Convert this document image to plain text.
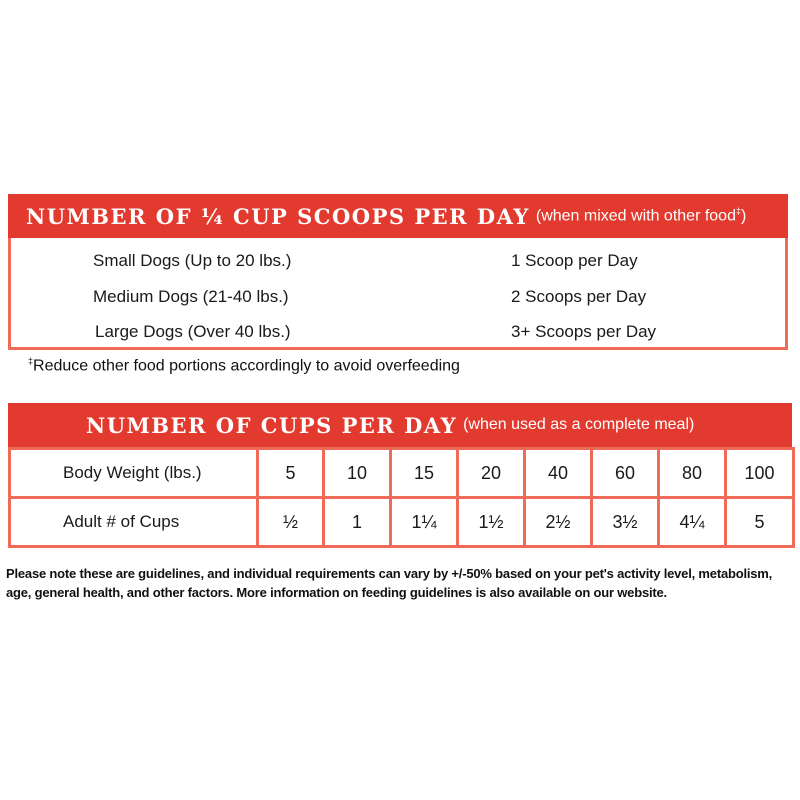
NUMBER OF ¼ CUP SCOOPS PER DAY (when mixed with other food‡)
Small Dogs (Up to 20 lbs.)	1 Scoop per Day
Medium Dogs (21-40 lbs.)	2 Scoops per Day
Large Dogs (Over 40 lbs.)	3+ Scoops per Day
‡Reduce other food portions accordingly to avoid overfeeding
NUMBER OF CUPS PER DAY (when used as a complete meal)
Body Weight (lbs.)	5	10	15	20	40	60	80	100
Adult # of Cups	½	1	1¼	1½	2½	3½	4¼	5
Please note these are guidelines, and individual requirements can vary by +/-50% based on your pet's activity level, metabolism, age, general health, and other factors. More information on feeding guidelines is also available on our website.
